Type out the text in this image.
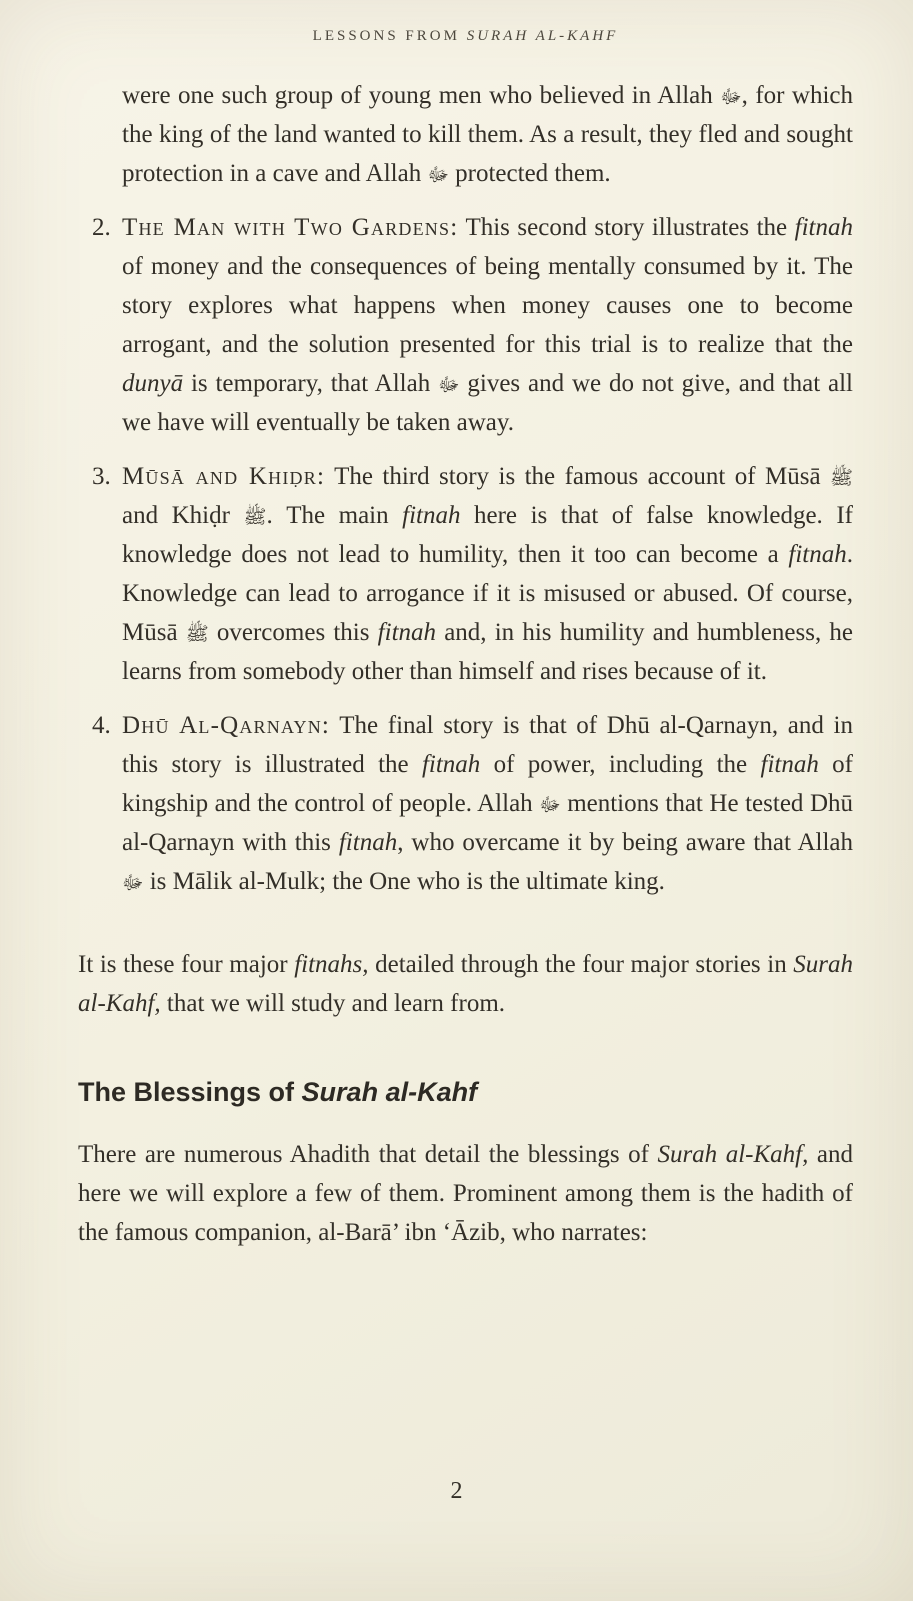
LESSONS FROM SURAH AL-KAHF

were one such group of young men who believed in Allah ﷻ, for which the king of the land wanted to kill them. As a result, they fled and sought protection in a cave and Allah ﷻ protected them.

2. The Man with Two Gardens: This second story illustrates the fitnah of money and the consequences of being mentally consumed by it. The story explores what happens when money causes one to become arrogant, and the solution presented for this trial is to realize that the dunyā is temporary, that Allah ﷻ gives and we do not give, and that all we have will eventually be taken away.

3. Mūsā and Khiḍr: The third story is the famous account of Mūsā ﷺ and Khiḍr ﷺ. The main fitnah here is that of false knowledge. If knowledge does not lead to humility, then it too can become a fitnah. Knowledge can lead to arrogance if it is misused or abused. Of course, Mūsā ﷺ overcomes this fitnah and, in his humility and humbleness, he learns from somebody other than himself and rises because of it.

4. Dhū Al-Qarnayn: The final story is that of Dhū al-Qarnayn, and in this story is illustrated the fitnah of power, including the fitnah of kingship and the control of people. Allah ﷻ mentions that He tested Dhū al-Qarnayn with this fitnah, who overcame it by being aware that Allah ﷻ is Mālik al-Mulk; the One who is the ultimate king.

It is these four major fitnahs, detailed through the four major stories in Surah al-Kahf, that we will study and learn from.

The Blessings of Surah al-Kahf

There are numerous Ahadith that detail the blessings of Surah al-Kahf, and here we will explore a few of them. Prominent among them is the hadith of the famous companion, al-Barā’ ibn ‘Āzib, who narrates:

2
